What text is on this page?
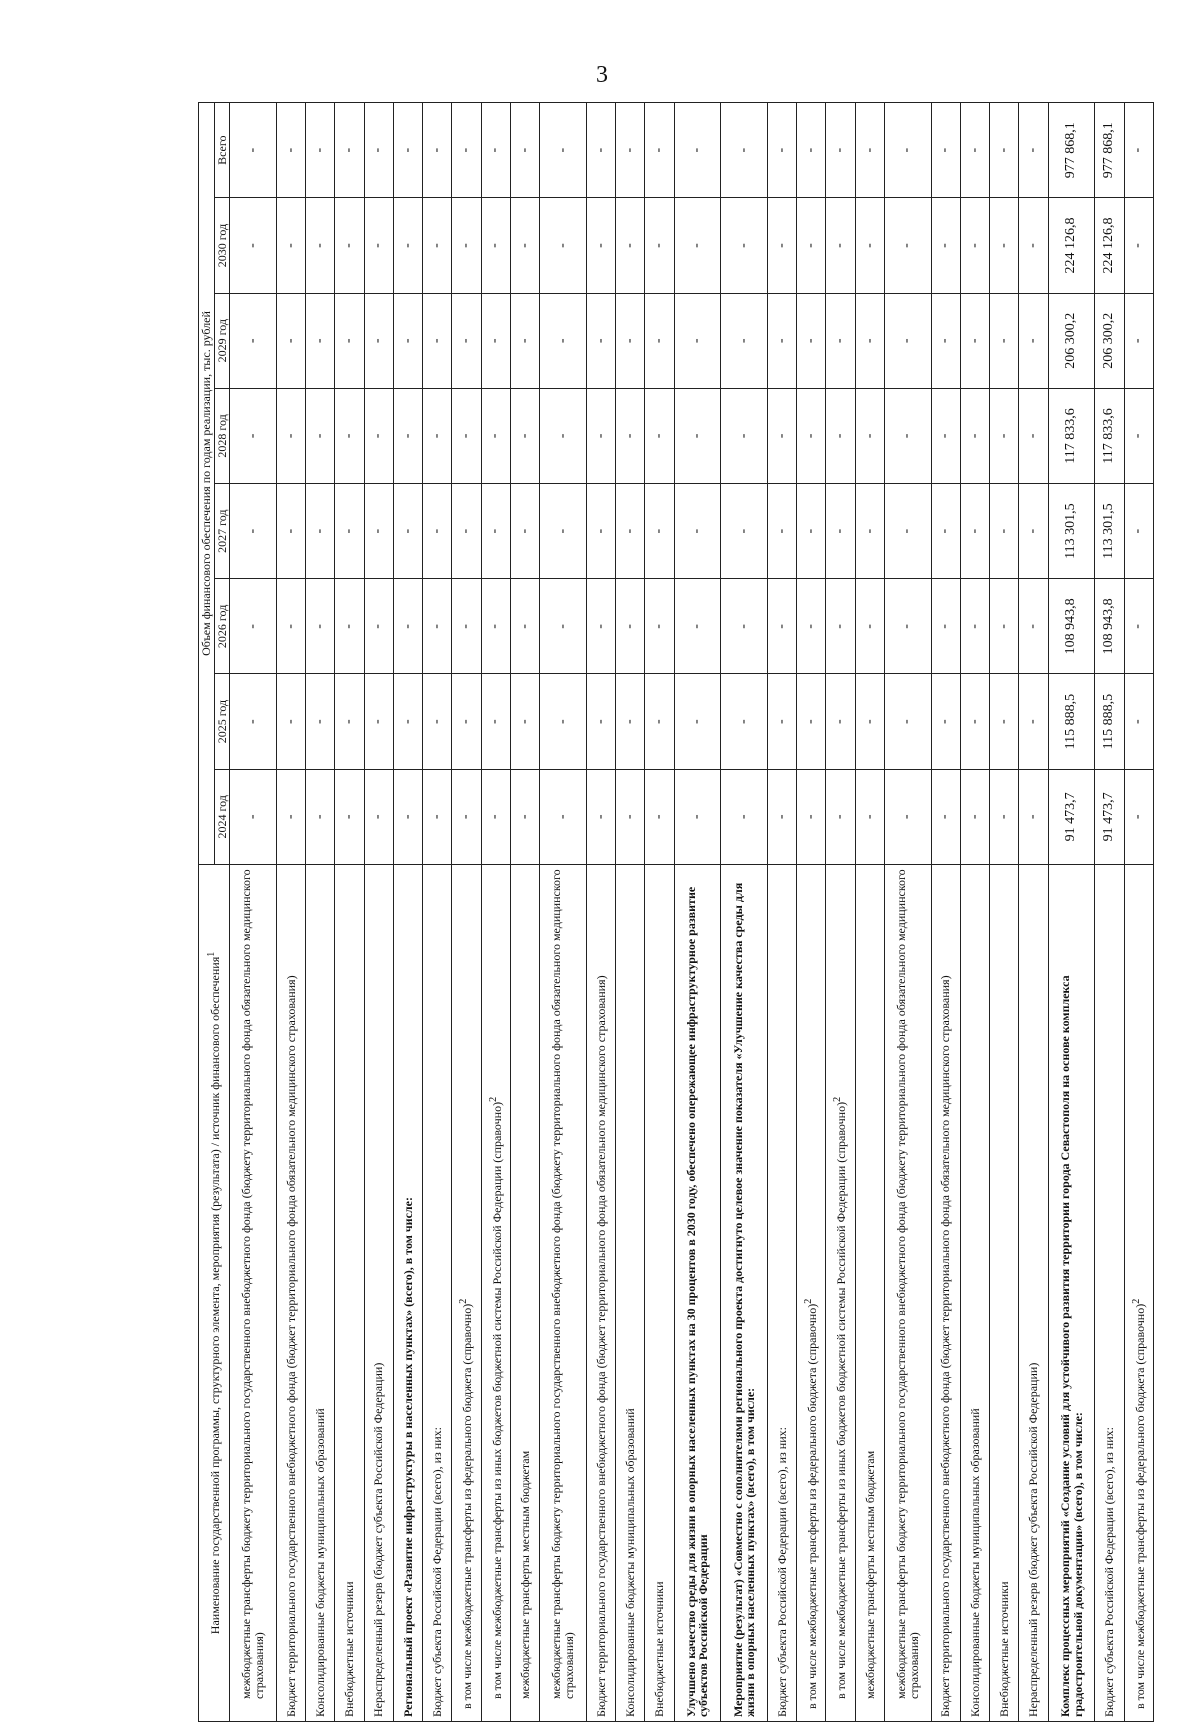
3
Наименование государственной программы, структурного элемента, мероприятия (результата) / источник финансового обеспечения$^1$	Объем финансового обеспечения по годам реализации, тыс. рублей							
	2024 год	2025 год	2026 год	2027 год	2028 год	2029 год	2030 год	Всего
межбюджетные трансферты бюджету территориального государственного внебюджетного фонда (бюджету территориального фонда обязательного медицинского страхования)	-	-	-	-	-	-	-	-
Бюджет территориального государственного внебюджетного фонда (бюджет территориального фонда обязательного медицинского страхования)	-	-	-	-	-	-	-	-
Консолидированные бюджеты муниципальных образований	-	-	-	-	-	-	-	-
Внебюджетные источники	-	-	-	-	-	-	-	-
Нераспределенный резерв (бюджет субъекта Российской Федерации)	-	-	-	-	-	-	-	-
Региональный проект «Развитие инфраструктуры в населенных пунктах» (всего), в том числе:	-	-	-	-	-	-	-	-
Бюджет субъекта Российской Федерации (всего), из них:	-	-	-	-	-	-	-	-
в том числе межбюджетные трансферты из федерального бюджета (справочно)$^2$	-	-	-	-	-	-	-	-
в том числе межбюджетные трансферты из иных бюджетов бюджетной системы Российской Федерации (справочно)$^2$	-	-	-	-	-	-	-	-
межбюджетные трансферты местным бюджетам	-	-	-	-	-	-	-	-
межбюджетные трансферты бюджету территориального государственного внебюджетного фонда (бюджету территориального фонда обязательного медицинского страхования)	-	-	-	-	-	-	-	-
Бюджет территориального государственного внебюджетного фонда (бюджет территориального фонда обязательного медицинского страхования)	-	-	-	-	-	-	-	-
Консолидированные бюджеты муниципальных образований	-	-	-	-	-	-	-	-
Внебюджетные источники	-	-	-	-	-	-	-	-
Улучшено качество среды для жизни в опорных населенных пунктах на 30 процентов в 2030 году, обеспечено опережающее инфраструктурное развитие субъектов Российской Федерации	-	-	-	-	-	-	-	-
Мероприятие (результат) «Совместно с сополнителями регионального проекта достигнуто целевое значение показателя «Улучшение качества среды для жизни в опорных населенных пунктах» (всего), в том числе:	-	-	-	-	-	-	-	-
Бюджет субъекта Российской Федерации (всего), из них:	-	-	-	-	-	-	-	-
в том числе межбюджетные трансферты из федерального бюджета (справочно)$^2$	-	-	-	-	-	-	-	-
в том числе межбюджетные трансферты из иных бюджетов бюджетной системы Российской Федерации (справочно)$^2$	-	-	-	-	-	-	-	-
межбюджетные трансферты местным бюджетам	-	-	-	-	-	-	-	-
межбюджетные трансферты бюджету территориального государственного внебюджетного фонда (бюджету территориального фонда обязательного медицинского страхования)	-	-	-	-	-	-	-	-
Бюджет территориального государственного внебюджетного фонда (бюджет территориального фонда обязательного медицинского страхования)	-	-	-	-	-	-	-	-
Консолидированные бюджеты муниципальных образований	-	-	-	-	-	-	-	-
Внебюджетные источники	-	-	-	-	-	-	-	-
Нераспределенный резерв (бюджет субъекта Российской Федерации)	-	-	-	-	-	-	-	-
Комплекс процессных мероприятий «Создание условий для устойчивого развития территории города Севастополя на основе комплекса градостроительной документации» (всего), в том числе:	91 473,7	115 888,5	108 943,8	113 301,5	117 833,6	206 300,2	224 126,8	977 868,1
Бюджет субъекта Российской Федерации (всего), из них:	91 473,7	115 888,5	108 943,8	113 301,5	117 833,6	206 300,2	224 126,8	977 868,1
в том числе межбюджетные трансферты из федерального бюджета (справочно)$^2$	-	-	-	-	-	-	-	-
